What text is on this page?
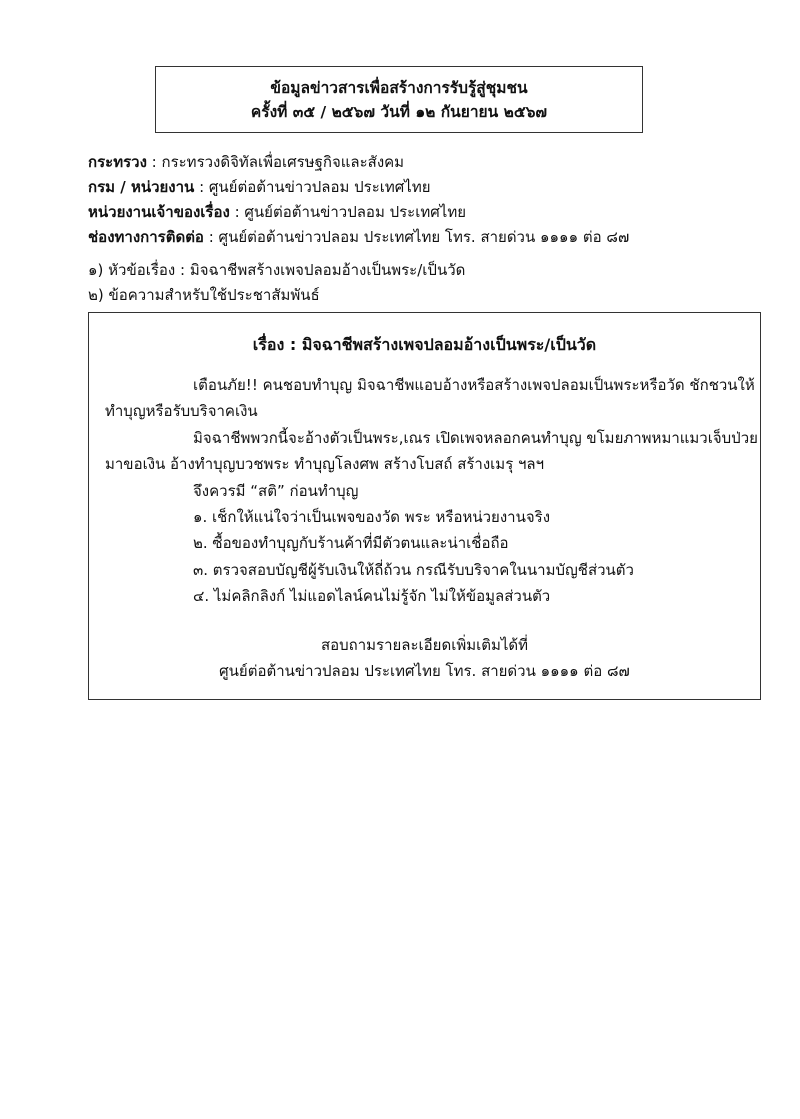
ข้อมูลข่าวสารเพื่อสร้างการรับรู้สู่ชุมชน
ครั้งที่ ๓๕ / ๒๕๖๗ วันที่ ๑๒ กันยายน ๒๕๖๗
กระทรวง : กระทรวงดิจิทัลเพื่อเศรษฐกิจและสังคม
กรม / หน่วยงาน : ศูนย์ต่อต้านข่าวปลอม ประเทศไทย
หน่วยงานเจ้าของเรื่อง : ศูนย์ต่อต้านข่าวปลอม ประเทศไทย
ช่องทางการติดต่อ : ศูนย์ต่อต้านข่าวปลอม ประเทศไทย โทร. สายด่วน ๑๑๑๑ ต่อ ๘๗
๑) หัวข้อเรื่อง : มิจฉาชีพสร้างเพจปลอมอ้างเป็นพระ/เป็นวัด
๒) ข้อความสำหรับใช้ประชาสัมพันธ์
เรื่อง : มิจฉาชีพสร้างเพจปลอมอ้างเป็นพระ/เป็นวัด
เตือนภัย!! คนชอบทำบุญ มิจฉาชีพแอบอ้างหรือสร้างเพจปลอมเป็นพระหรือวัด ชักชวนให้
ทำบุญหรือรับบริจาคเงิน
มิจฉาชีพพวกนี้จะอ้างตัวเป็นพระ,เณร เปิดเพจหลอกคนทำบุญ ขโมยภาพหมาแมวเจ็บป่วย
มาขอเงิน อ้างทำบุญบวชพระ ทำบุญโลงศพ สร้างโบสถ์ สร้างเมรุ ฯลฯ
จึงควรมี “สติ” ก่อนทำบุญ
๑. เช็กให้แน่ใจว่าเป็นเพจของวัด พระ หรือหน่วยงานจริง
๒. ซื้อของทำบุญกับร้านค้าที่มีตัวตนและน่าเชื่อถือ
๓. ตรวจสอบบัญชีผู้รับเงินให้ถี่ถ้วน กรณีรับบริจาคในนามบัญชีส่วนตัว
๔. ไม่คลิกลิงก์ ไม่แอดไลน์คนไม่รู้จัก ไม่ให้ข้อมูลส่วนตัว
สอบถามรายละเอียดเพิ่มเติมได้ที่
ศูนย์ต่อต้านข่าวปลอม ประเทศไทย โทร. สายด่วน ๑๑๑๑ ต่อ ๘๗
